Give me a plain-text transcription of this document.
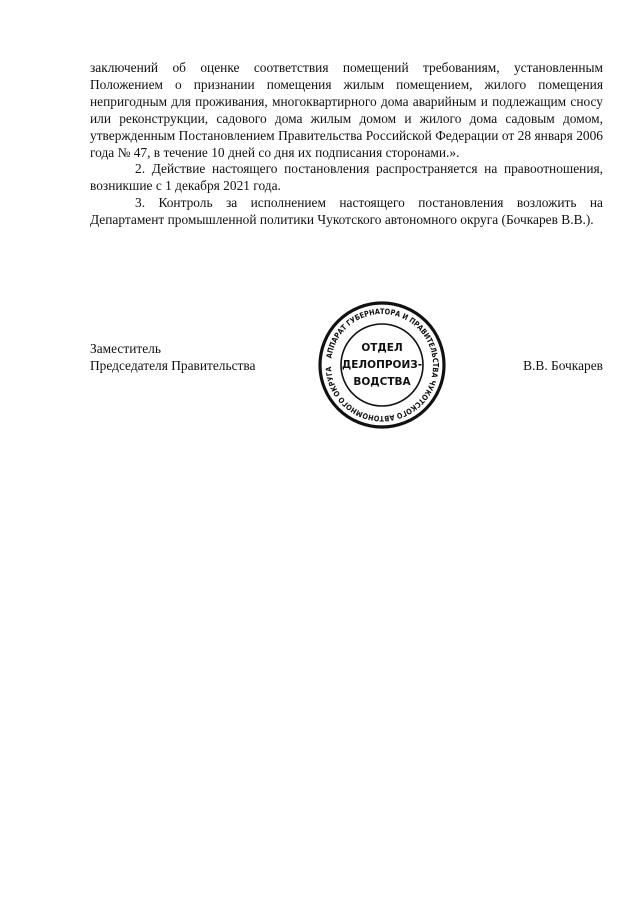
заключений об оценке соответствия помещений требованиям, установленным Положением о признании помещения жилым помещением, жилого помещения непригодным для проживания, многоквартирного дома аварийным и подлежащим сносу или реконструкции, садового дома жилым домом и жилого дома садовым домом, утвержденным Постановлением Правительства Российской Федерации от 28 января 2006 года № 47, в течение 10 дней со дня их подписания сторонами.».

2. Действие настоящего постановления распространяется на правоотношения, возникшие с 1 декабря 2021 года.

3. Контроль за исполнением настоящего постановления возложить на Департамент промышленной политики Чукотского автономного округа (Бочкарев В.В.).

Заместитель
Председателя Правительства
АППАРАТ ГУБЕРНАТОРА И ПРАВИТЕЛЬСТВА ЧУКОТСКОГО АВТОНОМНОГО ОКРУГА
ОТДЕЛ
ДЕЛОПРОИЗ-
ВОДСТВА
В.В. Бочкарев
